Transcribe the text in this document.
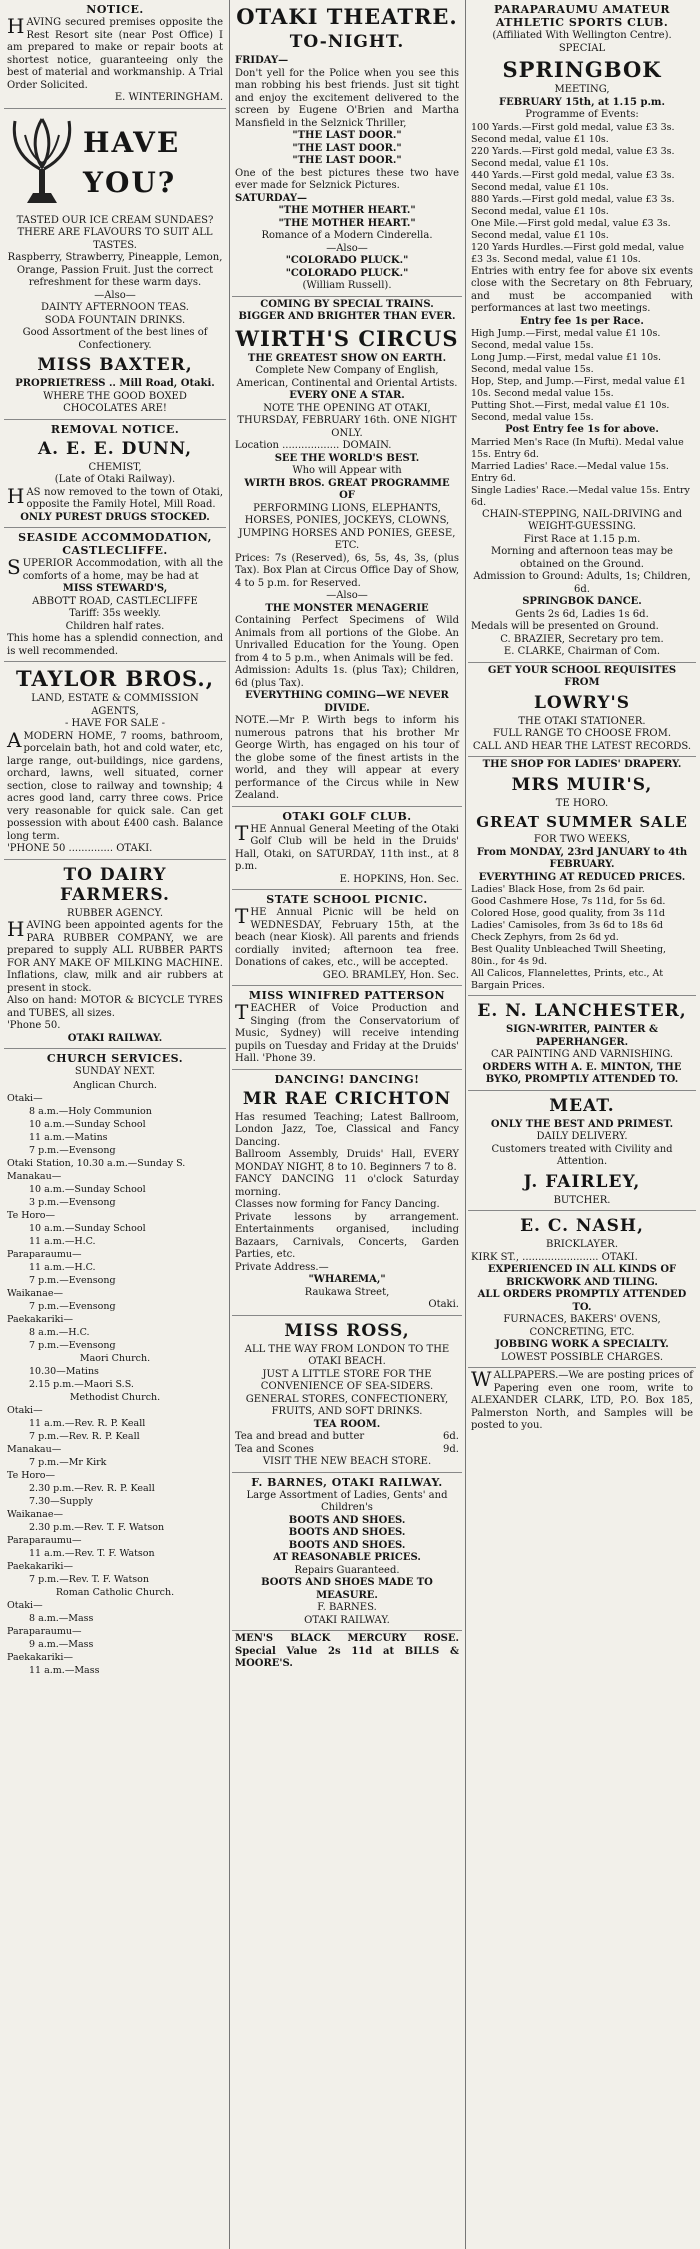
NOTICE.

HAVING secured premises opposite the Rest Resort site (near Post Office) I am prepared to make or repair boots at shortest notice, guaranteeing only the best of material and workmanship. A Trial Order Solicited.

E. WINTERINGHAM.

HAVE
YOU?

TASTED OUR ICE CREAM SUNDAES? THERE ARE FLAVOURS TO SUIT ALL TASTES.

Raspberry, Strawberry, Pineapple, Lemon, Orange, Passion Fruit. Just the correct refreshment for these warm days.

—Also—

DAINTY AFTERNOON TEAS.

SODA FOUNTAIN DRINKS.

Good Assortment of the best lines of Confectionery.

MISS BAXTER,

PROPRIETRESS .. Mill Road, Otaki.

WHERE THE GOOD BOXED CHOCOLATES ARE!

REMOVAL NOTICE.

A. E. E. DUNN,

CHEMIST,

(Late of Otaki Railway).

HAS now removed to the town of Otaki, opposite the Family Hotel, Mill Road.

ONLY PUREST DRUGS STOCKED.

SEASIDE ACCOMMODATION, CASTLECLIFFE.

SUPERIOR Accommodation, with all the comforts of a home, may be had at

MISS STEWARD'S,

ABBOTT ROAD, CASTLECLIFFE

Tariff: 35s weekly.

Children half rates.

This home has a splendid connection, and is well recommended.

TAYLOR BROS.,

LAND, ESTATE & COMMISSION AGENTS,

- HAVE FOR SALE -

AMODERN HOME, 7 rooms, bathroom, porcelain bath, hot and cold water, etc, large range, out-buildings, nice gardens, orchard, lawns, well situated, corner section, close to railway and township; 4 acres good land, carry three cows. Price very reasonable for quick sale. Can get possession with about £400 cash. Balance long term.

'PHONE 50 .............. OTAKI.

TO DAIRY FARMERS.

RUBBER AGENCY.

HAVING been appointed agents for the PARA RUBBER COMPANY, we are prepared to supply ALL RUBBER PARTS FOR ANY MAKE OF MILKING MACHINE. Inflations, claw, milk and air rubbers at present in stock.

Also on hand: MOTOR & BICYCLE TYRES and TUBES, all sizes.

'Phone 50.

OTAKI RAILWAY.

CHURCH SERVICES.

SUNDAY NEXT.

Anglican Church.
Otaki—
8 a.m.—Holy Communion
10 a.m.—Sunday School
11 a.m.—Matins
7 p.m.—Evensong
Otaki Station, 10.30 a.m.—Sunday S.
Manakau—
10 a.m.—Sunday School
3 p.m.—Evensong
Te Horo—
10 a.m.—Sunday School
11 a.m.—H.C.
Paraparaumu—
11 a.m.—H.C.
7 p.m.—Evensong
Waikanae—
7 p.m.—Evensong
Paekakariki—
8 a.m.—H.C.
7 p.m.—Evensong
Maori Church.
10.30—Matins
2.15 p.m.—Maori S.S.
Methodist Church.
Otaki—
11 a.m.—Rev. R. P. Keall
7 p.m.—Rev. R. P. Keall
Manakau—
7 p.m.—Mr Kirk
Te Horo—
2.30 p.m.—Rev. R. P. Keall
7.30—Supply
Waikanae—
2.30 p.m.—Rev. T. F. Watson
Paraparaumu—
11 a.m.—Rev. T. F. Watson
Paekakariki—
7 p.m.—Rev. T. F. Watson
Roman Catholic Church.
Otaki—
8 a.m.—Mass
Paraparaumu—
9 a.m.—Mass
Paekakariki—
11 a.m.—Mass

OTAKI THEATRE.

TO-NIGHT.

FRIDAY—

Don't yell for the Police when you see this man robbing his best friends. Just sit tight and enjoy the excitement delivered to the screen by Eugene O'Brien and Martha Mansfield in the Selznick Thriller,

"THE LAST DOOR."

"THE LAST DOOR."

"THE LAST DOOR."

One of the best pictures these two have ever made for Selznick Pictures.

SATURDAY—

"THE MOTHER HEART."

"THE MOTHER HEART."

Romance of a Modern Cinderella.

—Also—

"COLORADO PLUCK."

"COLORADO PLUCK."

(William Russell).

COMING BY SPECIAL TRAINS.

BIGGER AND BRIGHTER THAN EVER.

WIRTH'S CIRCUS

THE GREATEST SHOW ON EARTH.

Complete New Company of English, American, Continental and Oriental Artists.

EVERY ONE A STAR.

NOTE THE OPENING AT OTAKI, THURSDAY, FEBRUARY 16th. ONE NIGHT ONLY.

Location .................. DOMAIN.

SEE THE WORLD'S BEST.

Who will Appear with

WIRTH BROS. GREAT PROGRAMME OF

PERFORMING LIONS, ELEPHANTS, HORSES, PONIES, JOCKEYS, CLOWNS, JUMPING HORSES AND PONIES, GEESE, ETC.

Prices: 7s (Reserved), 6s, 5s, 4s, 3s, (plus Tax). Box Plan at Circus Office Day of Show, 4 to 5 p.m. for Reserved.

—Also—

THE MONSTER MENAGERIE

Containing Perfect Specimens of Wild Animals from all portions of the Globe. An Unrivalled Education for the Young. Open from 4 to 5 p.m., when Animals will be fed.

Admission: Adults 1s. (plus Tax); Children, 6d (plus Tax).

EVERYTHING COMING—WE NEVER DIVIDE.

NOTE.—Mr P. Wirth begs to inform his numerous patrons that his brother Mr George Wirth, has engaged on his tour of the globe some of the finest artists in the world, and they will appear at every performance of the Circus while in New Zealand.

OTAKI GOLF CLUB.

THE Annual General Meeting of the Otaki Golf Club will be held in the Druids' Hall, Otaki, on SATURDAY, 11th inst., at 8 p.m.

E. HOPKINS, Hon. Sec.

STATE SCHOOL PICNIC.

THE Annual Picnic will be held on WEDNESDAY, February 15th, at the beach (near Kiosk). All parents and friends cordially invited; afternoon tea free. Donations of cakes, etc., will be accepted.

GEO. BRAMLEY, Hon. Sec.

MISS WINIFRED PATTERSON

TEACHER of Voice Production and Singing (from the Conservatorium of Music, Sydney) will receive intending pupils on Tuesday and Friday at the Druids' Hall. 'Phone 39.

DANCING! DANCING!

MR RAE CRICHTON

Has resumed Teaching; Latest Ballroom, London Jazz, Toe, Classical and Fancy Dancing.

Ballroom Assembly, Druids' Hall, EVERY MONDAY NIGHT, 8 to 10. Beginners 7 to 8.

FANCY DANCING 11 o'clock Saturday morning.

Classes now forming for Fancy Dancing.

Private lessons by arrangement. Entertainments organised, including Bazaars, Carnivals, Concerts, Garden Parties, etc.

Private Address.—

"WHAREMA,"

Raukawa Street,

Otaki.

MISS ROSS,

ALL THE WAY FROM LONDON TO THE OTAKI BEACH.

JUST A LITTLE STORE FOR THE CONVENIENCE OF SEA-SIDERS.

GENERAL STORES, CONFECTIONERY, FRUITS, AND SOFT DRINKS.

TEA ROOM.

Tea and bread and butter	6d.
Tea and Scones	9d.

VISIT THE NEW BEACH STORE.

F. BARNES, OTAKI RAILWAY.

Large Assortment of Ladies, Gents' and Children's

BOOTS AND SHOES.

BOOTS AND SHOES.

BOOTS AND SHOES.

AT REASONABLE PRICES.

Repairs Guaranteed.

BOOTS AND SHOES MADE TO MEASURE.

F. BARNES.

OTAKI RAILWAY.

MEN'S BLACK MERCURY ROSE. Special Value 2s 11d at BILLS & MOORE'S.

PARAPARAUMU AMATEUR ATHLETIC SPORTS CLUB.

(Affiliated With Wellington Centre).

SPECIAL

SPRINGBOK

MEETING,

FEBRUARY 15th, at 1.15 p.m.

Programme of Events:

100 Yards.—First gold medal, value £3 3s. Second medal, value £1 10s.
220 Yards.—First gold medal, value £3 3s. Second medal, value £1 10s.
440 Yards.—First gold medal, value £3 3s. Second medal, value £1 10s.
880 Yards.—First gold medal, value £3 3s. Second medal, value £1 10s.
One Mile.—First gold medal, value £3 3s. Second medal, value £1 10s.
120 Yards Hurdles.—First gold medal, value £3 3s. Second medal, value £1 10s.

Entries with entry fee for above six events close with the Secretary on 8th February, and must be accompanied with performances at last two meetings.

Entry fee 1s per Race.

High Jump.—First, medal value £1 10s. Second, medal value 15s.
Long Jump.—First, medal value £1 10s. Second, medal value 15s.
Hop, Step, and Jump.—First, medal value £1 10s. Second medal value 15s.
Putting Shot.—First, medal value £1 10s. Second, medal value 15s.

Post Entry fee 1s for above.

Married Men's Race (In Mufti). Medal value 15s. Entry 6d.
Married Ladies' Race.—Medal value 15s. Entry 6d.
Single Ladies' Race.—Medal value 15s. Entry 6d.

CHAIN-STEPPING, NAIL-DRIVING and WEIGHT-GUESSING.

First Race at 1.15 p.m.

Morning and afternoon teas may be obtained on the Ground.

Admission to Ground: Adults, 1s; Children, 6d.

SPRINGBOK DANCE.

Gents 2s 6d, Ladies 1s 6d.

Medals will be presented on Ground.

C. BRAZIER, Secretary pro tem.

E. CLARKE, Chairman of Com.

GET YOUR SCHOOL REQUISITES FROM

LOWRY'S

THE OTAKI STATIONER.

FULL RANGE TO CHOOSE FROM.

CALL AND HEAR THE LATEST RECORDS.

THE SHOP FOR LADIES' DRAPERY.

MRS MUIR'S,

TE HORO.

GREAT SUMMER SALE

FOR TWO WEEKS,

From MONDAY, 23rd JANUARY to 4th FEBRUARY.

EVERYTHING AT REDUCED PRICES.

Ladies' Black Hose, from 2s 6d pair.
Good Cashmere Hose, 7s 11d, for 5s 6d.
Colored Hose, good quality, from 3s 11d
Ladies' Camisoles, from 3s 6d to 18s 6d
Check Zephyrs, from 2s 6d yd.
Best Quality Unbleached Twill Sheeting, 80in., for 4s 9d.
All Calicos, Flannelettes, Prints, etc., At Bargain Prices.

E. N. LANCHESTER,

SIGN-WRITER, PAINTER & PAPERHANGER.

CAR PAINTING AND VARNISHING.

ORDERS WITH A. E. MINTON, THE BYKO, PROMPTLY ATTENDED TO.

MEAT.

ONLY THE BEST AND PRIMEST.

DAILY DELIVERY.

Customers treated with Civility and Attention.

J. FAIRLEY,

BUTCHER.

E. C. NASH,

BRICKLAYER.

KIRK ST., ........................ OTAKI.

EXPERIENCED IN ALL KINDS OF BRICKWORK AND TILING.

ALL ORDERS PROMPTLY ATTENDED TO.

FURNACES, BAKERS' OVENS, CONCRETING, ETC.

JOBBING WORK A SPECIALTY.

LOWEST POSSIBLE CHARGES.

WALLPAPERS.—We are posting prices of Papering even one room, write to ALEXANDER CLARK, LTD, P.O. Box 185, Palmerston North, and Samples will be posted to you.
